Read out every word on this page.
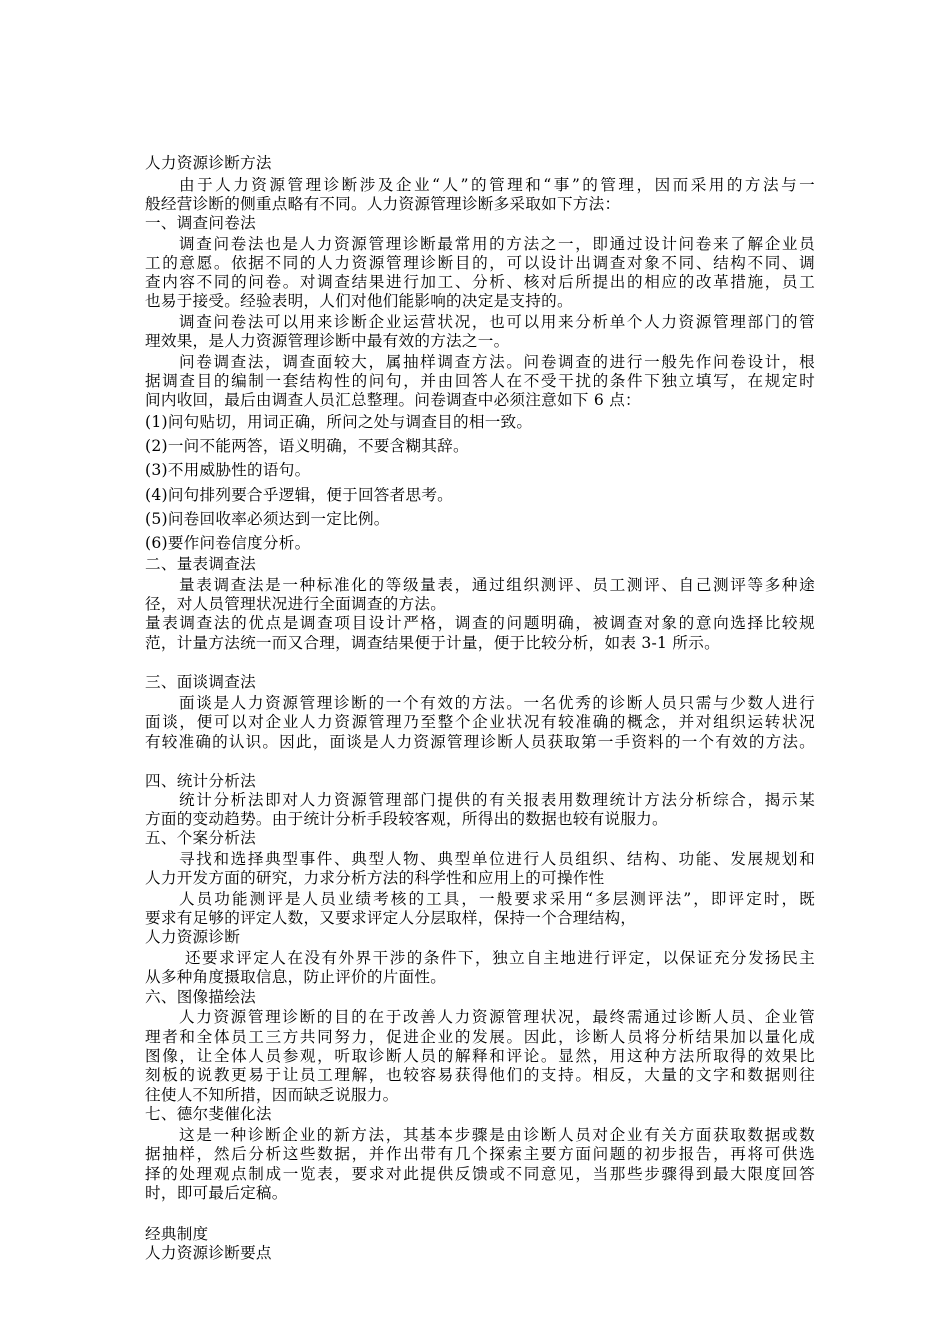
人力资源诊断方法
由于人力资源管理诊断涉及企业“人”的管理和“事”的管理，因而采用的方法与一
般经营诊断的侧重点略有不同。人力资源管理诊断多采取如下方法：
一、调查问卷法
调查问卷法也是人力资源管理诊断最常用的方法之一，即通过设计问卷来了解企业员
工的意愿。依据不同的人力资源管理诊断目的，可以设计出调查对象不同、结构不同、调
查内容不同的问卷。对调查结果进行加工、分析、核对后所提出的相应的改革措施，员工
也易于接受。经验表明，人们对他们能影响的决定是支持的。
调查问卷法可以用来诊断企业运营状况，也可以用来分析单个人力资源管理部门的管
理效果，是人力资源管理诊断中最有效的方法之一。
问卷调查法，调查面较大，属抽样调查方法。问卷调查的进行一般先作问卷设计，根
据调查目的编制一套结构性的问句，并由回答人在不受干扰的条件下独立填写，在规定时
间内收回，最后由调查人员汇总整理。问卷调查中必须注意如下 6 点：
(1)问句贴切，用词正确，所问之处与调查目的相一致。
(2)一问不能两答，语义明确，不要含糊其辞。
(3)不用威胁性的语句。
(4)问句排列要合乎逻辑，便于回答者思考。
(5)问卷回收率必须达到一定比例。
(6)要作问卷信度分析。
二、量表调查法
量表调查法是一种标准化的等级量表，通过组织测评、员工测评、自己测评等多种途
径，对人员管理状况进行全面调查的方法。
量表调查法的优点是调查项目设计严格，调查的问题明确，被调查对象的意向选择比较规
范，计量方法统一而又合理，调查结果便于计量，便于比较分析，如表 3-1 所示。
三、面谈调查法
面谈是人力资源管理诊断的一个有效的方法。一名优秀的诊断人员只需与少数人进行
面谈，便可以对企业人力资源管理乃至整个企业状况有较准确的概念，并对组织运转状况
有较准确的认识。因此，面谈是人力资源管理诊断人员获取第一手资料的一个有效的方法。
四、统计分析法
统计分析法即对人力资源管理部门提供的有关报表用数理统计方法分析综合，揭示某
方面的变动趋势。由于统计分析手段较客观，所得出的数据也较有说服力。
五、个案分析法
寻找和选择典型事件、典型人物、典型单位进行人员组织、结构、功能、发展规划和
人力开发方面的研究，力求分析方法的科学性和应用上的可操作性
人员功能测评是人员业绩考核的工具，一般要求采用“多层测评法”，即评定时，既
要求有足够的评定人数，又要求评定人分层取样，保持一个合理结构，
人力资源诊断
还要求评定人在没有外界干涉的条件下，独立自主地进行评定，以保证充分发扬民主
从多种角度摄取信息，防止评价的片面性。
六、图像描绘法
人力资源管理诊断的目的在于改善人力资源管理状况，最终需通过诊断人员、企业管
理者和全体员工三方共同努力，促进企业的发展。因此，诊断人员将分析结果加以量化成
图像，让全体人员参观，听取诊断人员的解释和评论。显然，用这种方法所取得的效果比
刻板的说教更易于让员工理解，也较容易获得他们的支持。相反，大量的文字和数据则往
往使人不知所措，因而缺乏说服力。
七、德尔斐催化法
这是一种诊断企业的新方法，其基本步骤是由诊断人员对企业有关方面获取数据或数
据抽样，然后分析这些数据，并作出带有几个探索主要方面问题的初步报告，再将可供选
择的处理观点制成一览表，要求对此提供反馈或不同意见，当那些步骤得到最大限度回答
时，即可最后定稿。
经典制度
人力资源诊断要点
